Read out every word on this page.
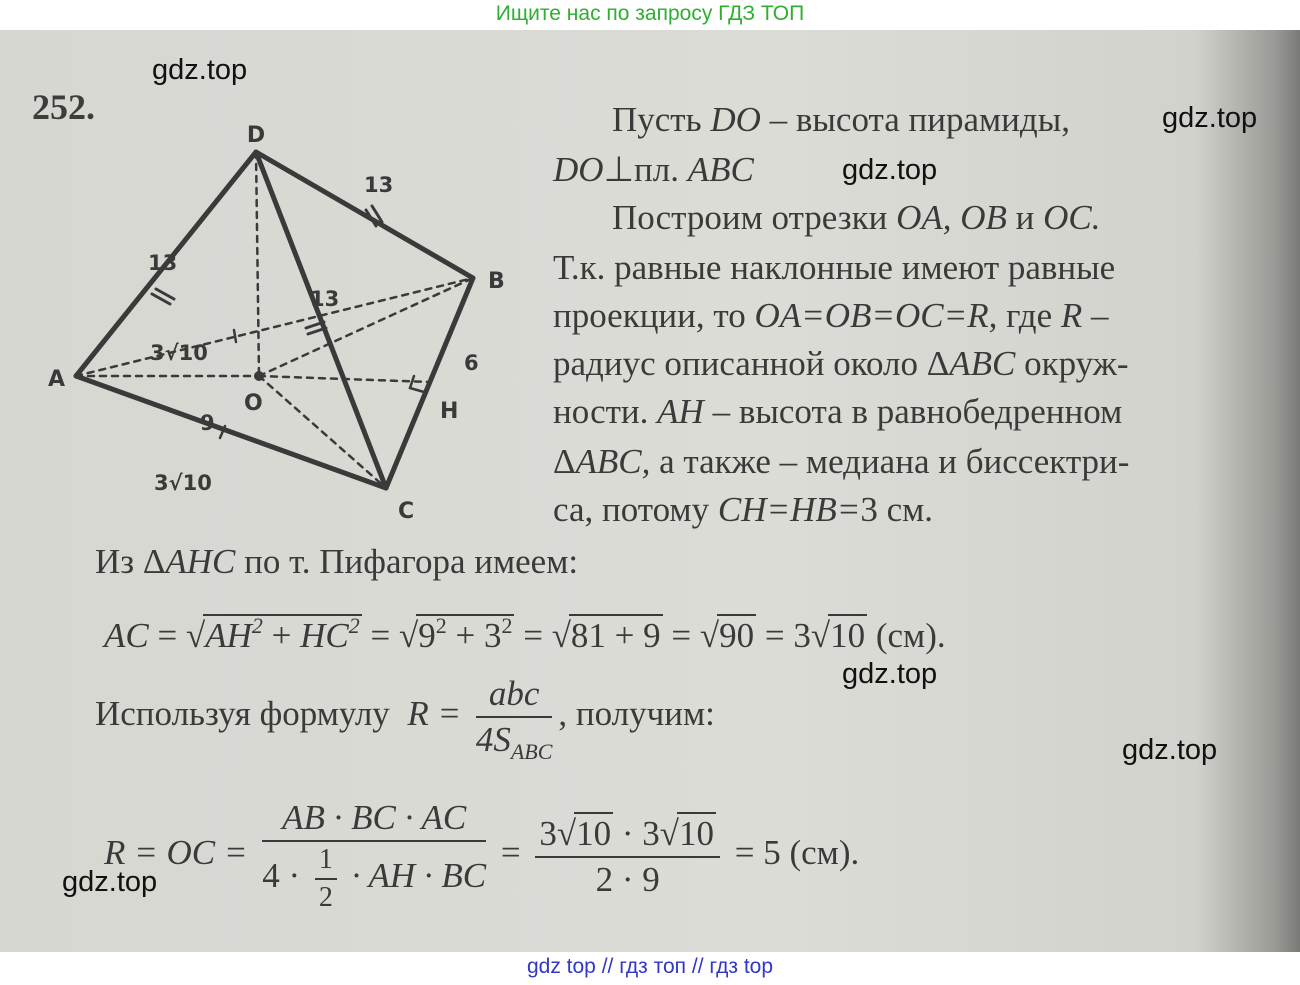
Ищите нас по запросу ГДЗ ТОП
252.
D
B
A
O	H
C
13
13
13
3√10
3√10
9
6
Пусть DO – высота пирамиды,
DO⊥пл. ABC
Построим отрезки OA, OB и OC.
Т.к. равные наклонные имеют равные
проекции, то OA=OB=OC=R, где R –
радиус описанной около ΔABC окруж-
ности. AH – высота в равнобедренном
ΔABC, а также – медиана и биссектри-
са, потому CH=HB=3 см.
Из ΔAHC по т. Пифагора имеем:
AC = $√AH^2 + HC^2 = √9^2 + 3^2 = √81 + 9 = √90 = 3√10$ (см).
Используя формулу $R = \frac{\text{abc}}{4S_{ABC}}$ , получим:
R = OC = $\frac{AB \cdot BC \cdot AC}{4 \cdot \frac{1}{2} \cdot AH \cdot BC} = \frac{3√10 \cdot 3√10}{2 \cdot 9} = 5$ (см).
gdz.top
gdz.top
gdz.top
gdz.top
gdz.top
gdz.top
gdz top // гдз топ // гдз top
